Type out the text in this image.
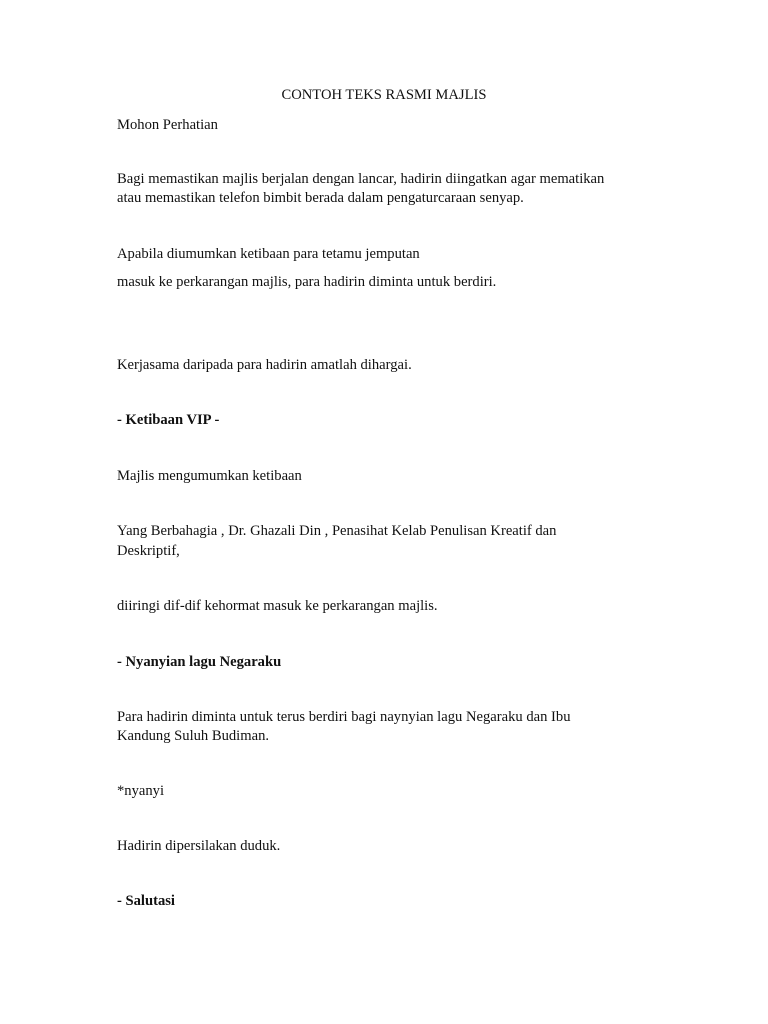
CONTOH TEKS RASMI MAJLIS
Mohon Perhatian
Bagi memastikan majlis berjalan dengan lancar, hadirin diingatkan agar mematikan
atau memastikan telefon bimbit berada dalam pengaturcaraan senyap.
Apabila diumumkan ketibaan para tetamu jemputan
masuk ke perkarangan majlis, para hadirin diminta untuk berdiri.
Kerjasama daripada para hadirin amatlah dihargai.
- Ketibaan VIP -
Majlis mengumumkan ketibaan
Yang Berbahagia , Dr. Ghazali Din , Penasihat Kelab Penulisan Kreatif dan
Deskriptif,
diiringi dif-dif kehormat masuk ke perkarangan majlis.
- Nyanyian lagu Negaraku
Para hadirin diminta untuk terus berdiri bagi naynyian lagu Negaraku dan Ibu
Kandung Suluh Budiman.
*nyanyi
Hadirin dipersilakan duduk.
- Salutasi
